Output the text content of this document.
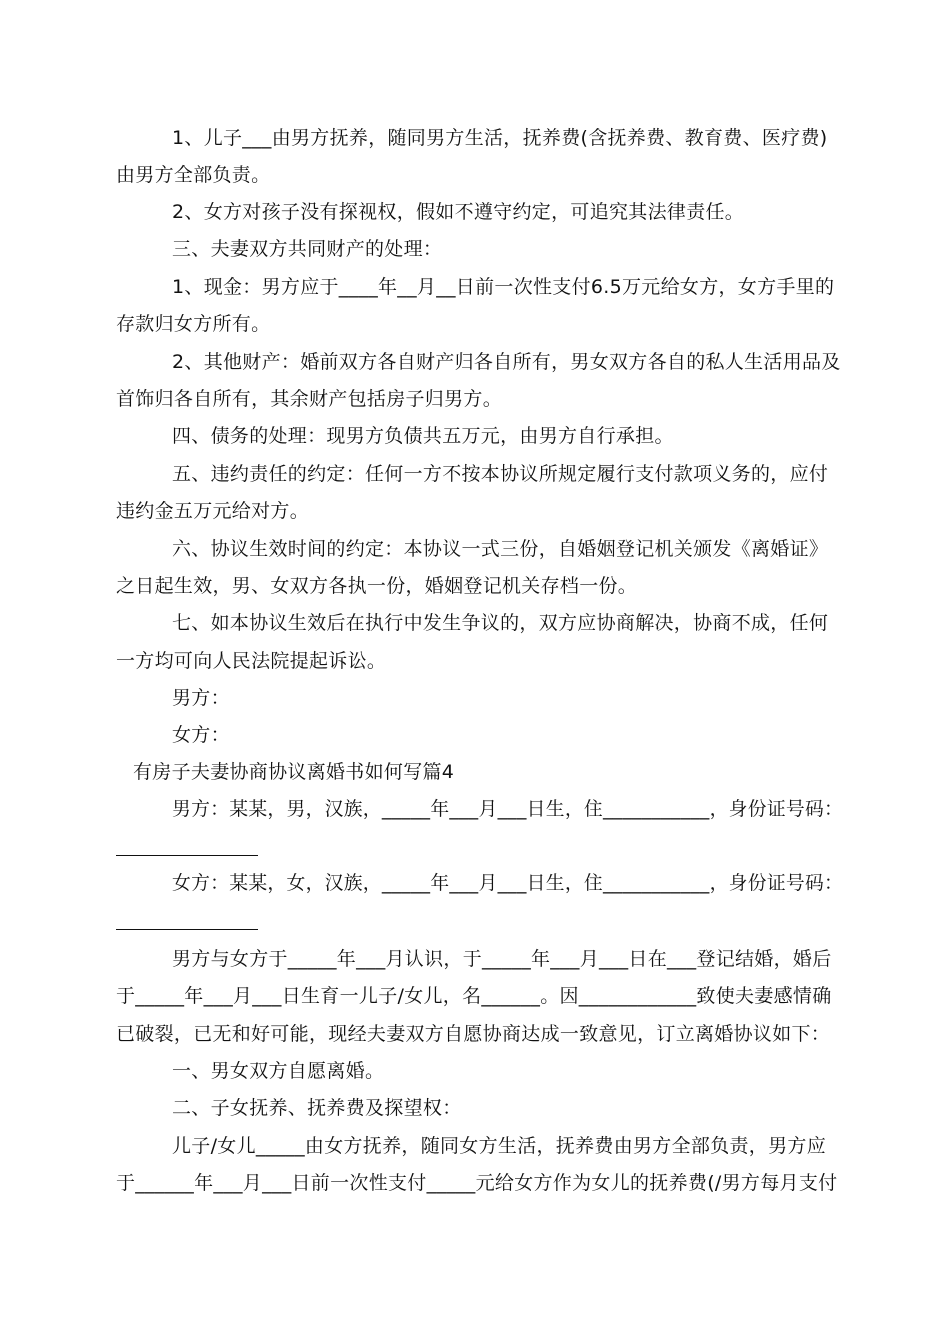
1、儿子___由男方抚养，随同男方生活，抚养费(含抚养费、教育费、医疗费)
由男方全部负责。
2、女方对孩子没有探视权，假如不遵守约定，可追究其法律责任。
三、夫妻双方共同财产的处理：
1、现金：男方应于____年__月__日前一次性支付6.5万元给女方，女方手里的
存款归女方所有。
2、其他财产：婚前双方各自财产归各自所有，男女双方各自的私人生活用品及
首饰归各自所有，其余财产包括房子归男方。
四、债务的处理：现男方负债共五万元，由男方自行承担。
五、违约责任的约定：任何一方不按本协议所规定履行支付款项义务的，应付
违约金五万元给对方。
六、协议生效时间的约定：本协议一式三份，自婚姻登记机关颁发《离婚证》
之日起生效，男、女双方各执一份，婚姻登记机关存档一份。
七、如本协议生效后在执行中发生争议的，双方应协商解决，协商不成，任何
一方均可向人民法院提起诉讼。
男方：
女方：
有房子夫妻协商协议离婚书如何写篇4
男方：某某，男，汉族，_____年___月___日生，住___________，身份证号码：
女方：某某，女，汉族，_____年___月___日生，住___________，身份证号码：
男方与女方于_____年___月认识，于_____年___月___日在___登记结婚，婚后
于_____年___月___日生育一儿子/女儿，名______。因____________致使夫妻感情确
已破裂，已无和好可能，现经夫妻双方自愿协商达成一致意见，订立离婚协议如下：
一、男女双方自愿离婚。
二、子女抚养、抚养费及探望权：
儿子/女儿_____由女方抚养，随同女方生活，抚养费由男方全部负责，男方应
于______年___月___日前一次性支付_____元给女方作为女儿的抚养费(/男方每月支付
